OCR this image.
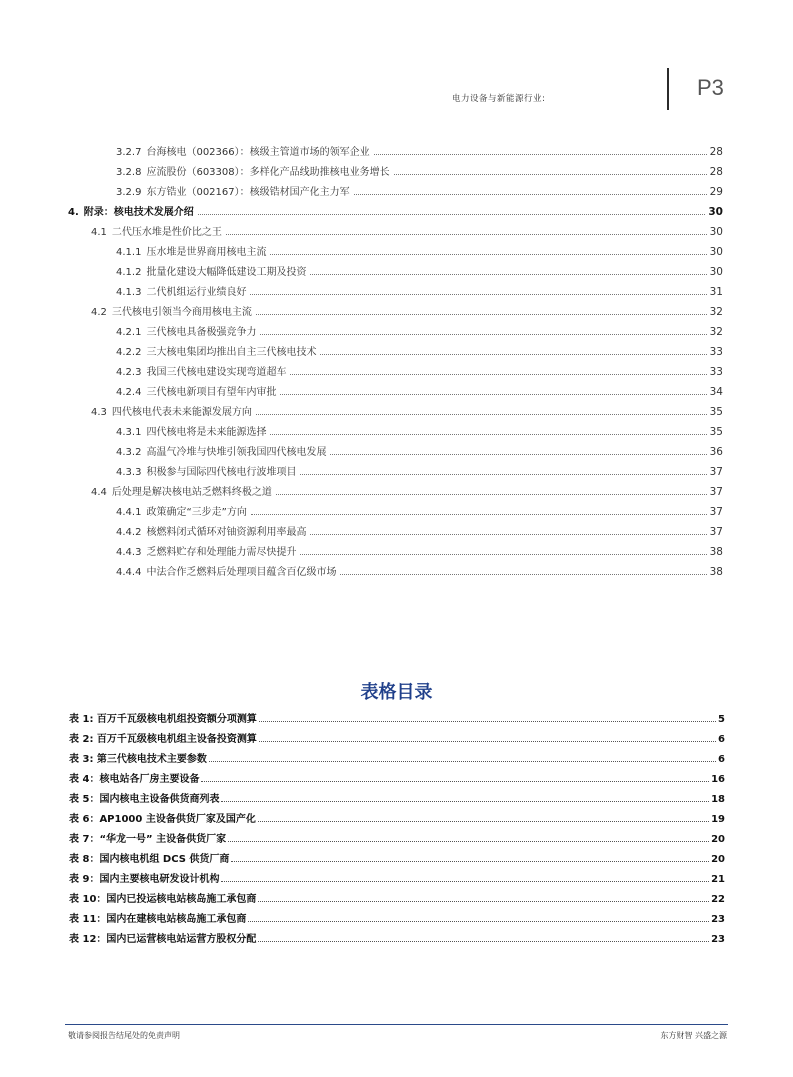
电力设备与新能源行业:	P3
3.2.7 台海核电（002366）：核级主管道市场的领军企业	28
3.2.8 应流股份（603308）：多样化产品线助推核电业务增长	28
3.2.9 东方锆业（002167）：核级锆材国产化主力军	29
4. 附录：核电技术发展介绍	30
4.1 二代压水堆是性价比之王	30
4.1.1 压水堆是世界商用核电主流	30
4.1.2 批量化建设大幅降低建设工期及投资	30
4.1.3 二代机组运行业绩良好	31
4.2 三代核电引领当今商用核电主流	32
4.2.1 三代核电具备极强竞争力	32
4.2.2 三大核电集团均推出自主三代核电技术	33
4.2.3 我国三代核电建设实现弯道超车	33
4.2.4 三代核电新项目有望年内审批	34
4.3 四代核电代表未来能源发展方向	35
4.3.1 四代核电将是未来能源选择	35
4.3.2 高温气冷堆与快堆引领我国四代核电发展	36
4.3.3 积极参与国际四代核电行波堆项目	37
4.4 后处理是解决核电站乏燃料终极之道	37
4.4.1 政策确定“三步走”方向	37
4.4.2 核燃料闭式循环对铀资源利用率最高	37
4.4.3 乏燃料贮存和处理能力需尽快提升	38
4.4.4 中法合作乏燃料后处理项目蕴含百亿级市场	38
表格目录
表 1: 百万千瓦级核电机组投资额分项测算	5
表 2: 百万千瓦级核电机组主设备投资测算	6
表 3: 第三代核电技术主要参数	6
表 4：核电站各厂房主要设备	16
表 5：国内核电主设备供货商列表	18
表 6：AP1000 主设备供货厂家及国产化	19
表 7：“华龙一号” 主设备供货厂家	20
表 8：国内核电机组 DCS 供货厂商	20
表 9：国内主要核电研发设计机构	21
表 10：国内已投运核电站核岛施工承包商	22
表 11：国内在建核电站核岛施工承包商	23
表 12：国内已运营核电站运营方股权分配	23
敬请参阅报告结尾处的免责声明	东方财智 兴盛之源
